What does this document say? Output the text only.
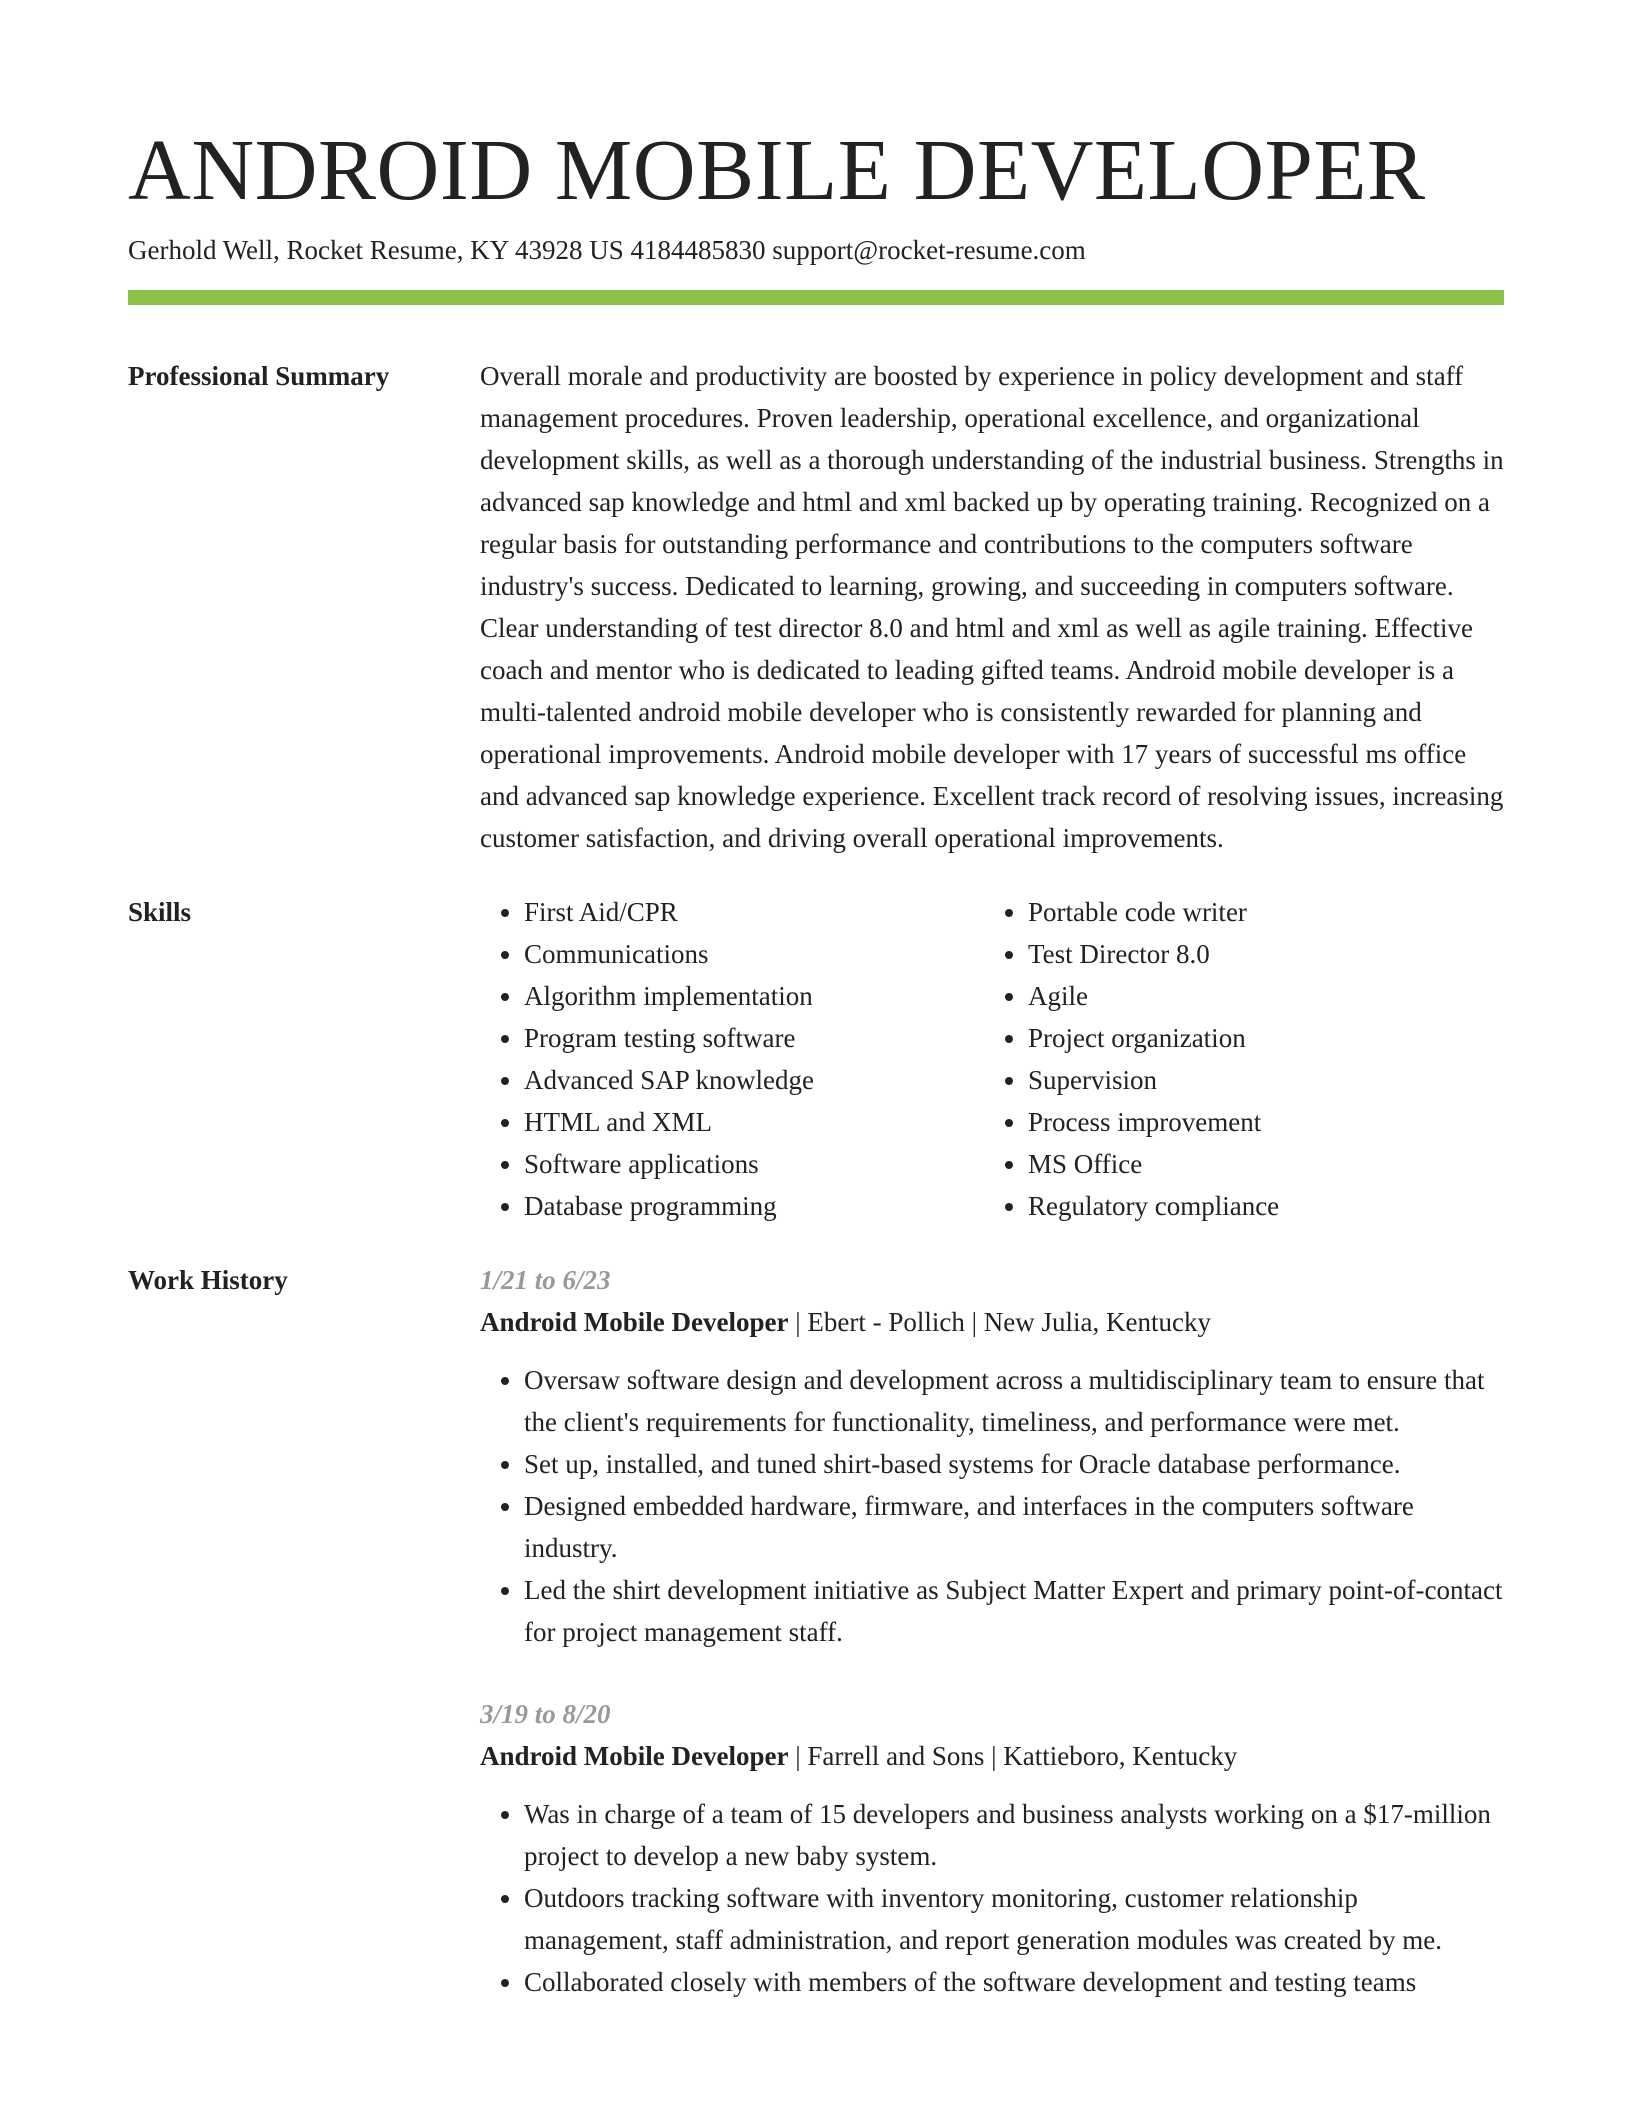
ANDROID MOBILE DEVELOPER
Gerhold Well, Rocket Resume, KY 43928 US 4184485830 support@rocket-resume.com
Professional Summary	Overall morale and productivity are boosted by experience in policy development and staff management procedures. Proven leadership, operational excellence, and organizational development skills, as well as a thorough understanding of the industrial business. Strengths in advanced sap knowledge and html and xml backed up by operating training. Recognized on a regular basis for outstanding performance and contributions to the computers software industry's success. Dedicated to learning, growing, and succeeding in computers software. Clear understanding of test director 8.0 and html and xml as well as agile training. Effective coach and mentor who is dedicated to leading gifted teams. Android mobile developer is a multi-talented android mobile developer who is consistently rewarded for planning and operational improvements. Android mobile developer with 17 years of successful ms office and advanced sap knowledge experience. Excellent track record of resolving issues, increasing customer satisfaction, and driving overall operational improvements.

Skills
•	First Aid/CPR
• Communications
• Algorithm implementation
• Program testing software
• Advanced SAP knowledge
• HTML and XML
• Software applications
• Database programming
• Portable code writer
• Test Director 8.0
• Agile
• Project organization
• Supervision
• Process improvement
• MS Office
• Regulatory compliance
Work History	1/21 to 6/23
Android Mobile Developer | Ebert - Pollich | New Julia, Kentucky
• Oversaw software design and development across a multidisciplinary team to ensure that the client's requirements for functionality, timeliness, and performance were met.
• Set up, installed, and tuned shirt-based systems for Oracle database performance.
• Designed embedded hardware, firmware, and interfaces in the computers software industry.
• Led the shirt development initiative as Subject Matter Expert and primary point-of-contact for project management staff.
3/19 to 8/20
Android Mobile Developer | Farrell and Sons | Kattieboro, Kentucky
• Was in charge of a team of 15 developers and business analysts working on a $17-million project to develop a new baby system.
• Outdoors tracking software with inventory monitoring, customer relationship management, staff administration, and report generation modules was created by me.
• Collaborated closely with members of the software development and testing teams
